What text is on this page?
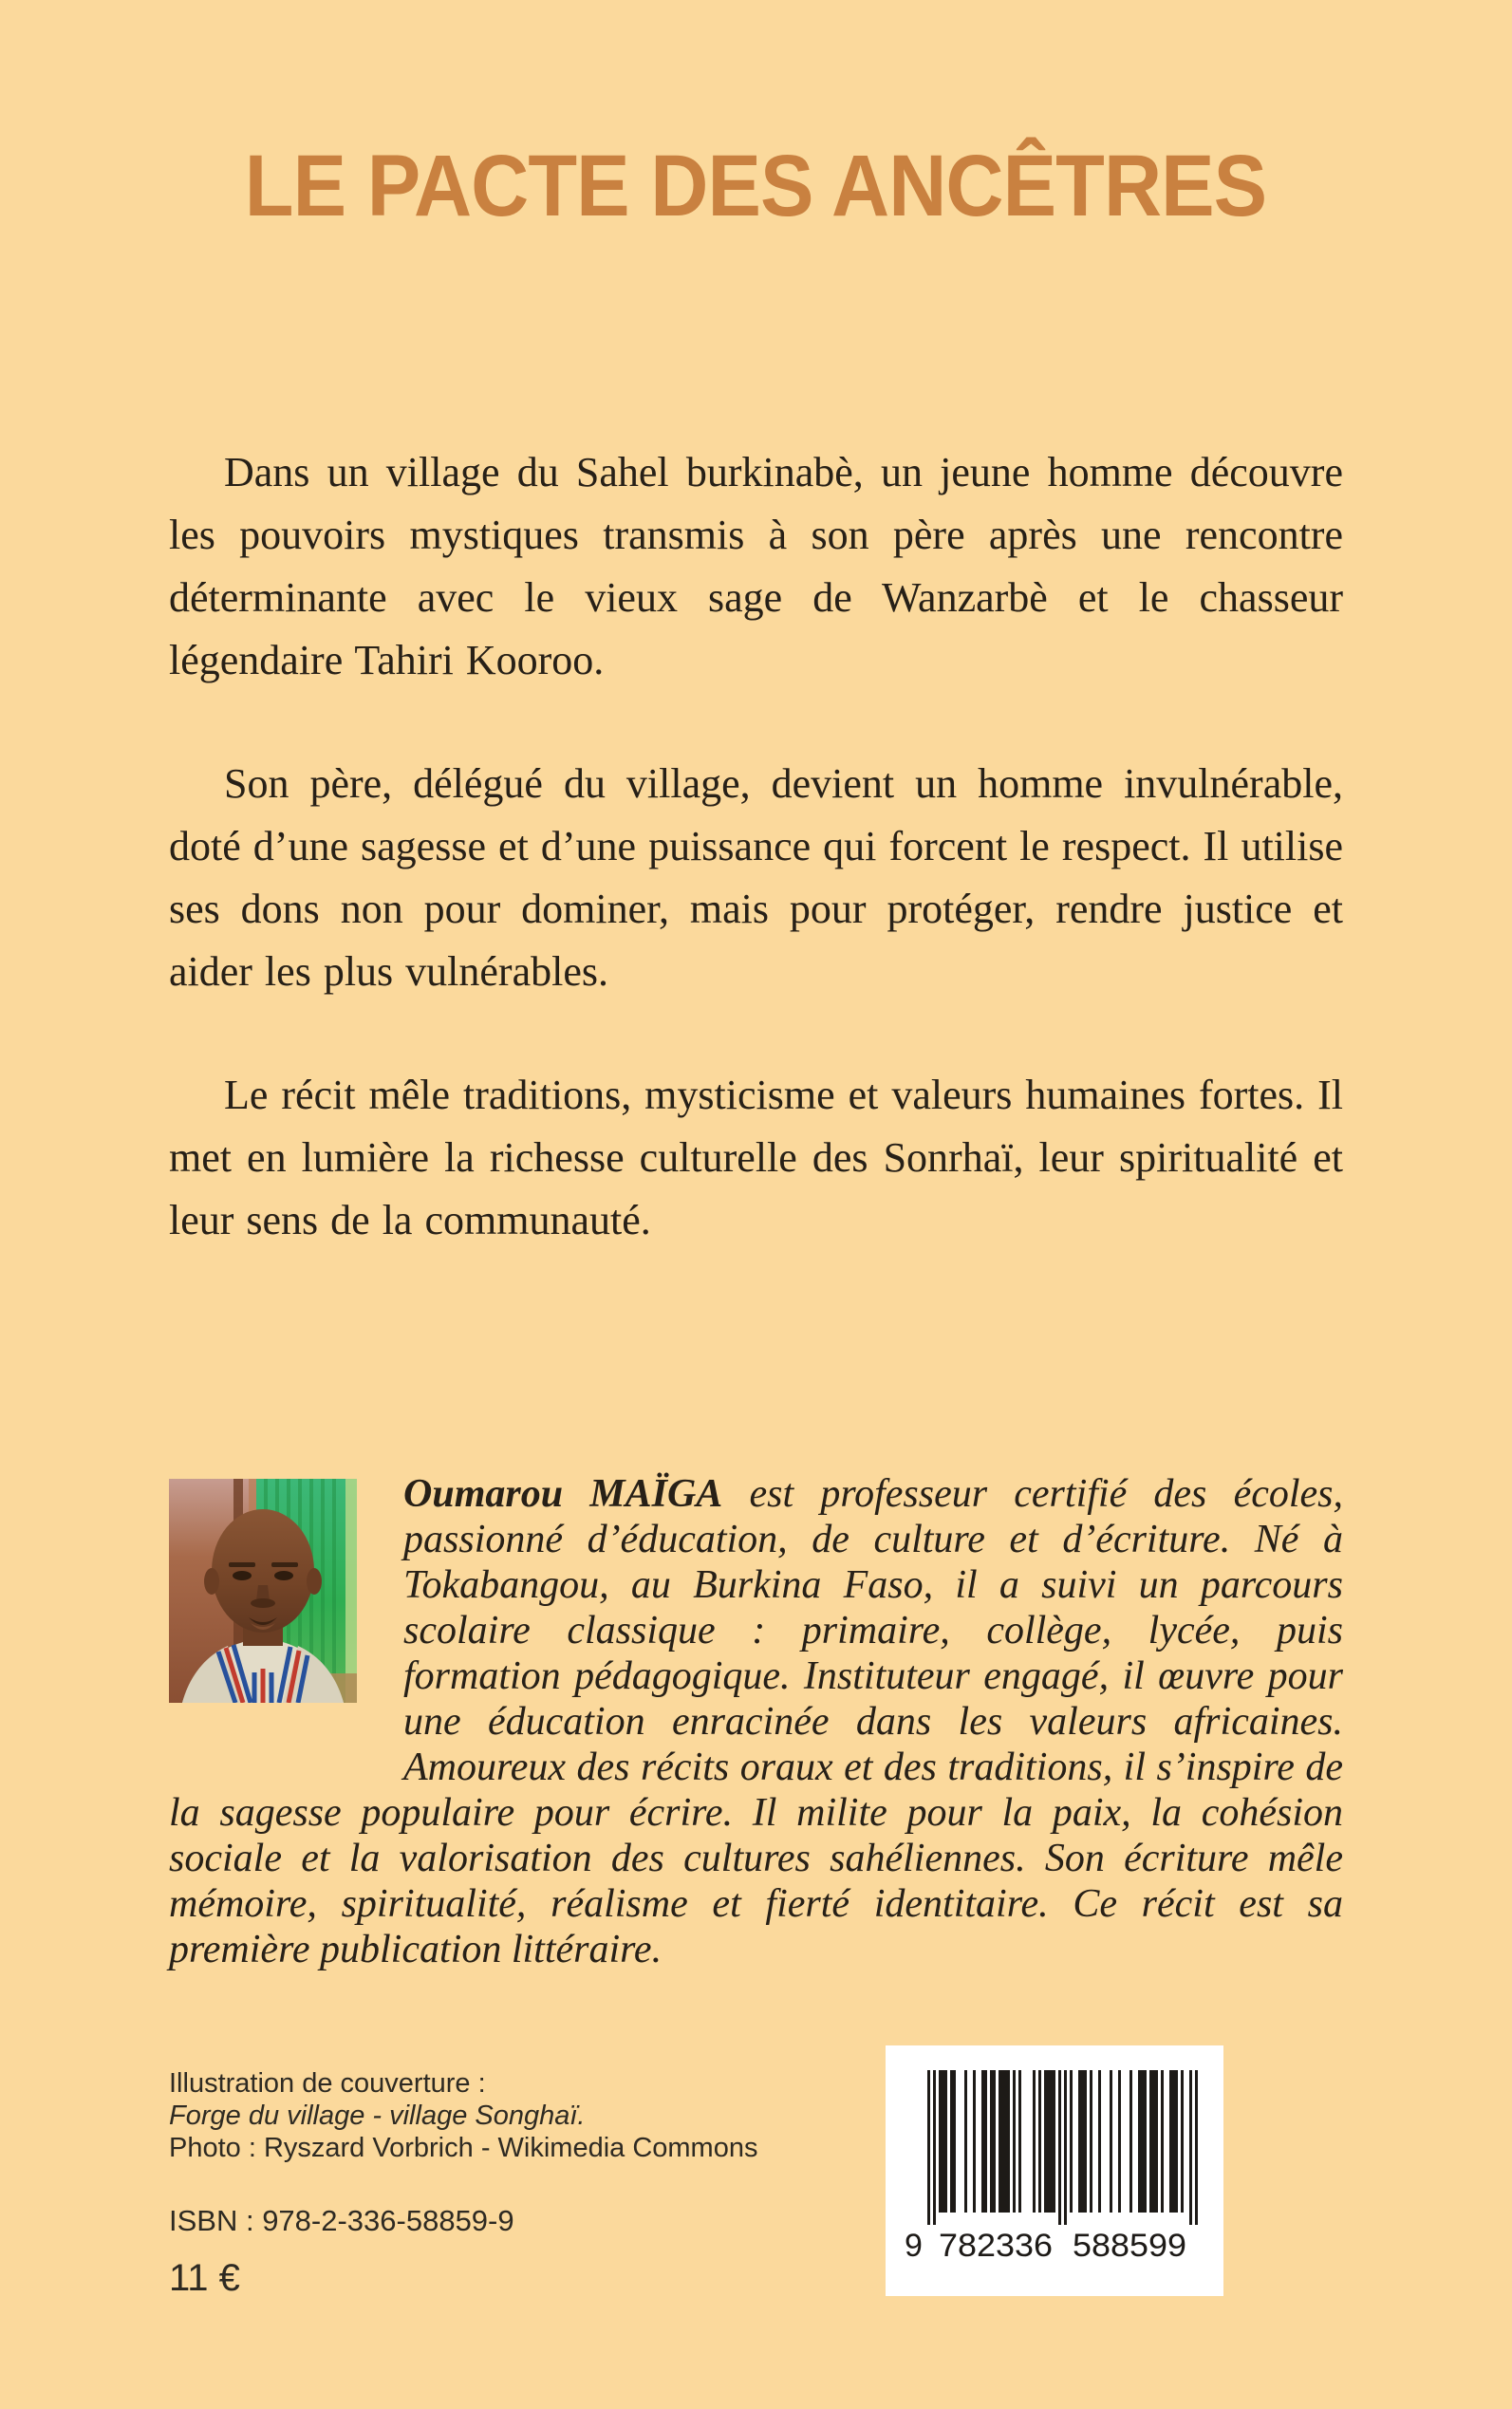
LE PACTE DES ANCÊTRES

Dans un village du Sahel burkinabè, un jeune homme découvre les pouvoirs mystiques transmis à son père après une rencontre déterminante avec le vieux sage de Wanzarbè et le chasseur légendaire Tahiri Kooroo.

Son père, délégué du village, devient un homme invulnérable, doté d’une sagesse et d’une puissance qui forcent le respect. Il utilise ses dons non pour dominer, mais pour protéger, rendre justice et aider les plus vulnérables.

Le récit mêle traditions, mysticisme et valeurs humaines fortes. Il met en lumière la richesse culturelle des Sonrhaï, leur spiritualité et leur sens de la communauté.

Oumarou MAÏGA est professeur certifié des écoles, passionné d’éducation, de culture et d’écriture. Né à Tokabangou, au Burkina Faso, il a suivi un parcours scolaire classique : primaire, collège, lycée, puis formation pédagogique. Instituteur engagé, il œuvre pour une éducation enracinée dans les valeurs africaines. Amoureux des récits oraux et des traditions, il s’inspire de la sagesse populaire pour écrire. Il milite pour la paix, la cohésion sociale et la valorisation des cultures sahéliennes. Son écriture mêle mémoire, spiritualité, réalisme et fierté identitaire. Ce récit est sa première publication littéraire.
Illustration de couverture :
Forge du village - village Songhaï.
Photo : Ryszard Vorbrich - Wikimedia Commons
ISBN : 978-2-336-58859-9
11 €
9 782336 588599
